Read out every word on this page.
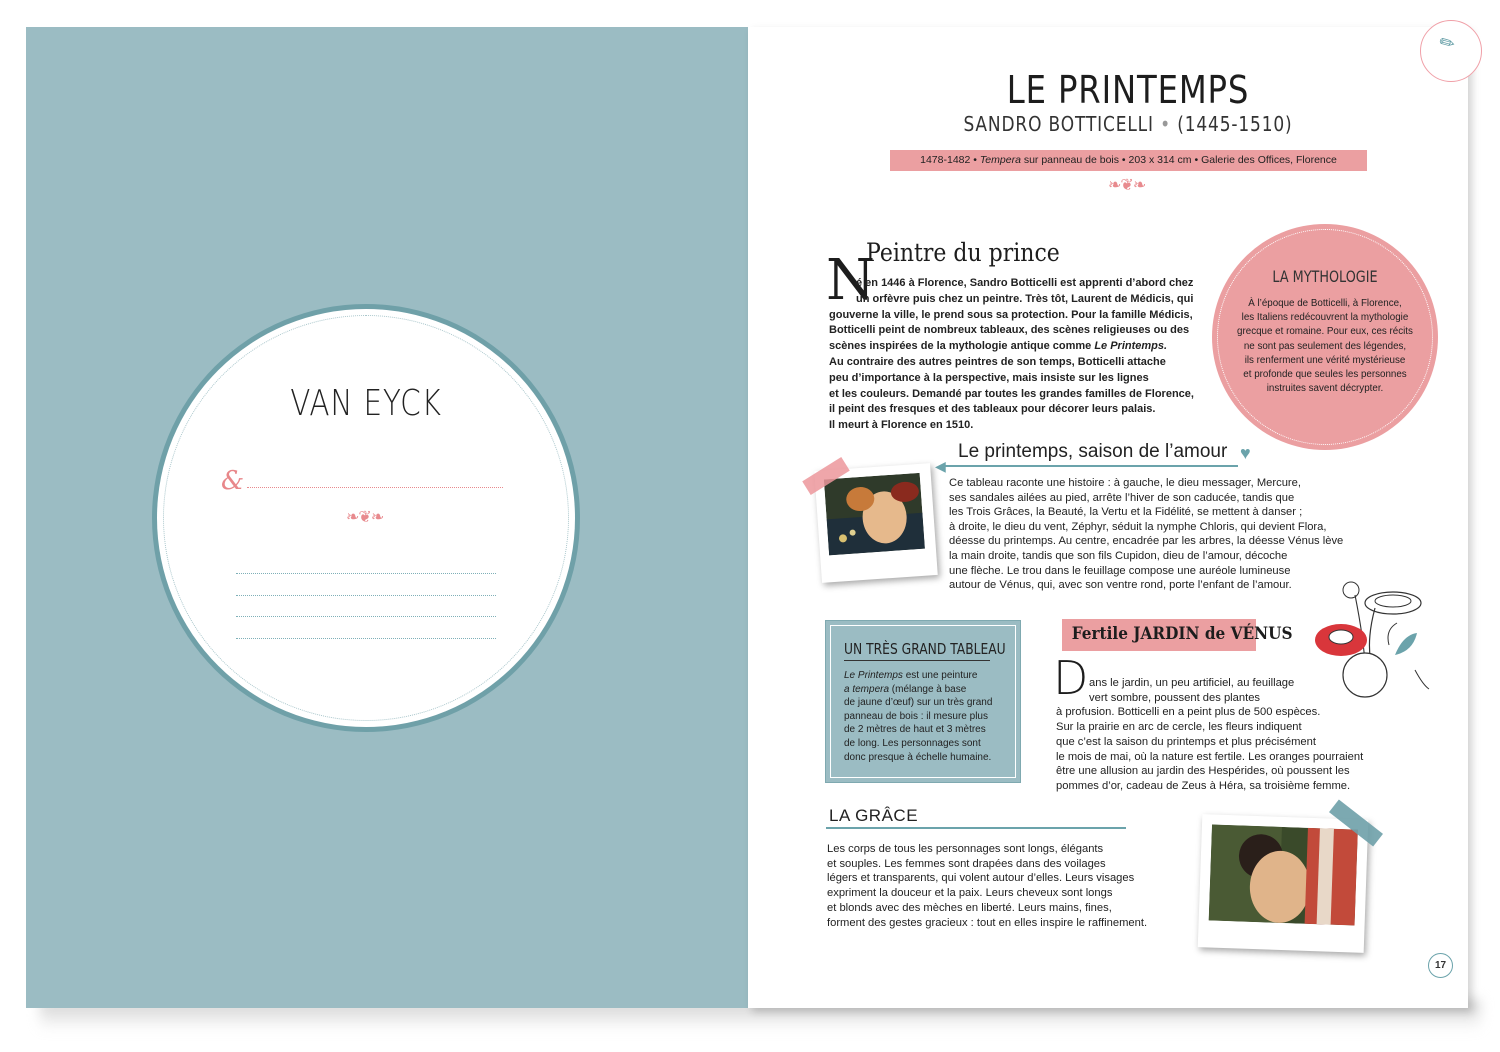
VAN EYCK
&
❧❦❧
✎
LE PRINTEMPS
SANDRO BOTTICELLI • (1445-1510)
1478-1482 • Tempera sur panneau de bois • 203 x 314 cm • Galerie des Offices, Florence
❧❦❧
Peintre du prince
N
é en 1446 à Florence, Sandro Botticelli est apprenti d’abord chez
un orfèvre puis chez un peintre. Très tôt, Laurent de Médicis, qui
gouverne la ville, le prend sous sa protection. Pour la famille Médicis,
Botticelli peint de nombreux tableaux, des scènes religieuses ou des
scènes inspirées de la mythologie antique comme Le Printemps.
Au contraire des autres peintres de son temps, Botticelli attache
peu d’importance à la perspective, mais insiste sur les lignes
et les couleurs. Demandé par toutes les grandes familles de Florence,
il peint des fresques et des tableaux pour décorer leurs palais.
Il meurt à Florence en 1510.
LA MYTHOLOGIE
À l’époque de Botticelli, à Florence,
les Italiens redécouvrent la mythologie
grecque et romaine. Pour eux, ces récits
ne sont pas seulement des légendes,
ils renferment une vérité mystérieuse
et profonde que seules les personnes
instruites savent décrypter.
Le printemps, saison de l’amour ♥
◀
Ce tableau raconte une histoire : à gauche, le dieu messager, Mercure,
ses sandales ailées au pied, arrête l’hiver de son caducée, tandis que
les Trois Grâces, la Beauté, la Vertu et la Fidélité, se mettent à danser ;
à droite, le dieu du vent, Zéphyr, séduit la nymphe Chloris, qui devient Flora,
déesse du printemps. Au centre, encadrée par les arbres, la déesse Vénus lève
la main droite, tandis que son fils Cupidon, dieu de l’amour, décoche
une flèche. Le trou dans le feuillage compose une auréole lumineuse
autour de Vénus, qui, avec son ventre rond, porte l’enfant de l’amour.
UN TRÈS GRAND TABLEAU
Le Printemps est une peinture
a tempera (mélange à base
de jaune d’œuf) sur un très grand
panneau de bois : il mesure plus
de 2 mètres de haut et 3 mètres
de long. Les personnages sont
donc presque à échelle humaine.
Fertile JARDIN de VÉNUS
D ans le jardin, un peu artificiel, au feuillage
vert sombre, poussent des plantes
à profusion. Botticelli en a peint plus de 500 espèces.
Sur la prairie en arc de cercle, les fleurs indiquent
que c’est la saison du printemps et plus précisément
le mois de mai, où la nature est fertile. Les oranges pourraient
être une allusion au jardin des Hespérides, où poussent les
pommes d’or, cadeau de Zeus à Héra, sa troisième femme.
LA GRÂCE
Les corps de tous les personnages sont longs, élégants
et souples. Les femmes sont drapées dans des voilages
légers et transparents, qui volent autour d’elles. Leurs visages
expriment la douceur et la paix. Leurs cheveux sont longs
et blonds avec des mèches en liberté. Leurs mains, fines,
forment des gestes gracieux : tout en elles inspire le raffinement.
17
